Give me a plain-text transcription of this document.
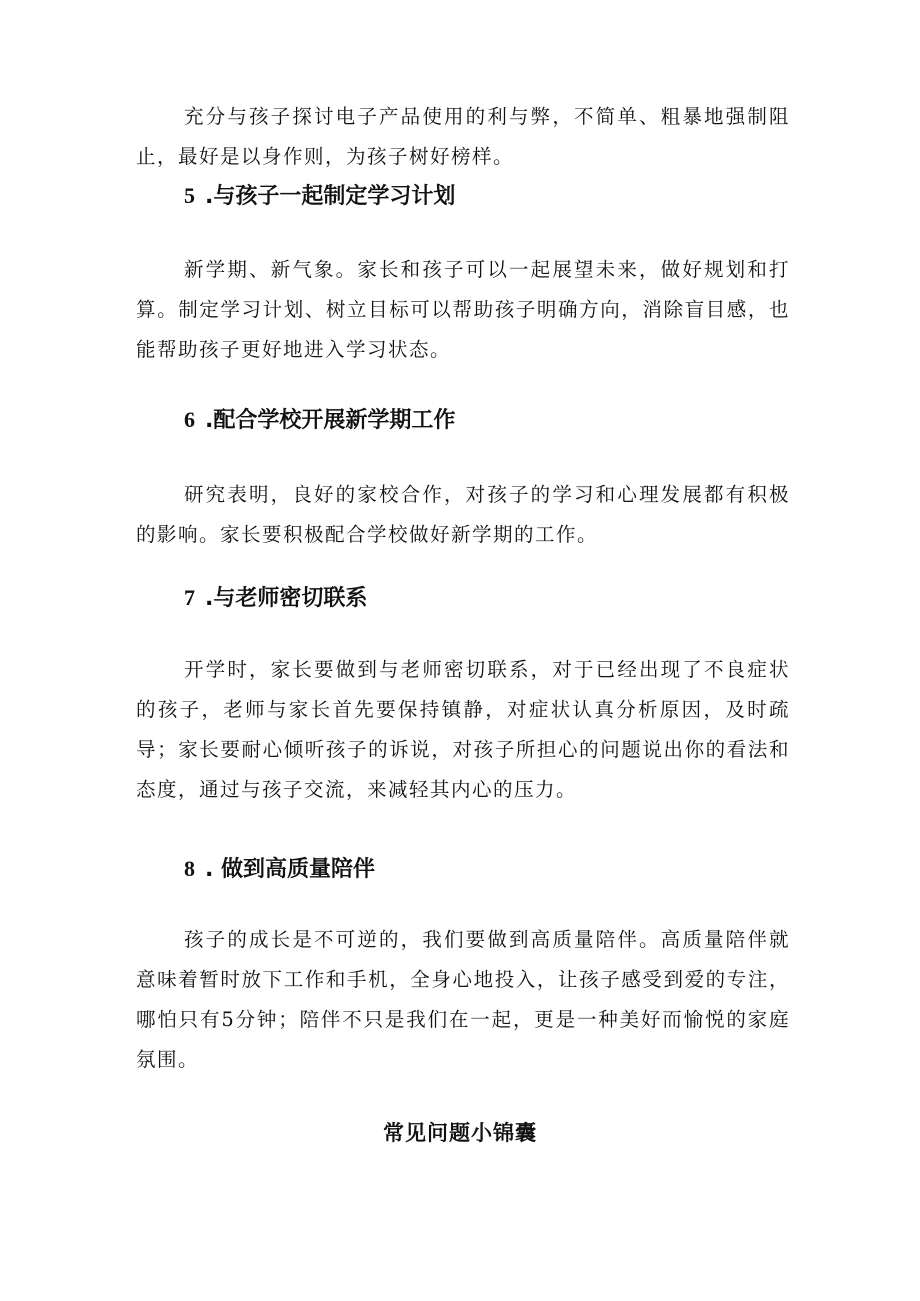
充分与孩子探讨电子产品使用的利与弊，不简单、粗暴地强制阻止，最好是以身作则，为孩子树好榜样。

5 .与孩子一起制定学习计划

新学期、新气象。家长和孩子可以一起展望未来，做好规划和打算。制定学习计划、树立目标可以帮助孩子明确方向，消除盲目感，也能帮助孩子更好地进入学习状态。

6 .配合学校开展新学期工作

研究表明，良好的家校合作，对孩子的学习和心理发展都有积极的影响。家长要积极配合学校做好新学期的工作。

7 .与老师密切联系

开学时，家长要做到与老师密切联系，对于已经出现了不良症状的孩子，老师与家长首先要保持镇静，对症状认真分析原因，及时疏导；家长要耐心倾听孩子的诉说，对孩子所担心的问题说出你的看法和态度，通过与孩子交流，来减轻其内心的压力。

8 . 做到高质量陪伴

孩子的成长是不可逆的，我们要做到高质量陪伴。高质量陪伴就意味着暂时放下工作和手机，全身心地投入，让孩子感受到爱的专注，哪怕只有5分钟；陪伴不只是我们在一起，更是一种美好而愉悦的家庭氛围。

常见问题小锦囊
